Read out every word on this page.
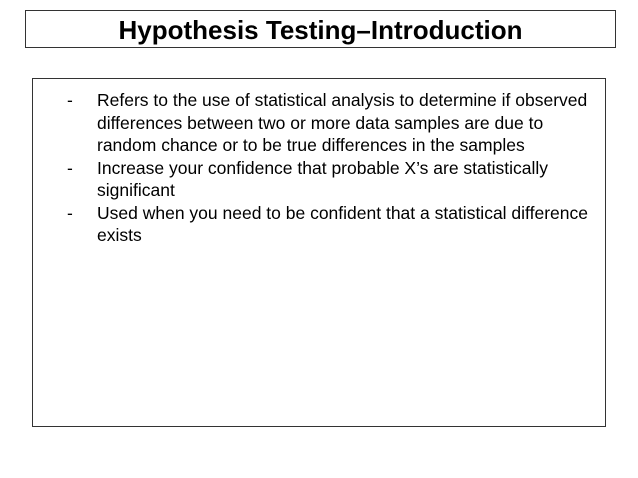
Hypothesis Testing–Introduction
- Refers to the use of statistical analysis to determine if observed differences between two or more data samples are due to random chance or to be true differences in the samples
- Increase your confidence that probable X’s are statistically significant
- Used when you need to be confident that a statistical difference exists
